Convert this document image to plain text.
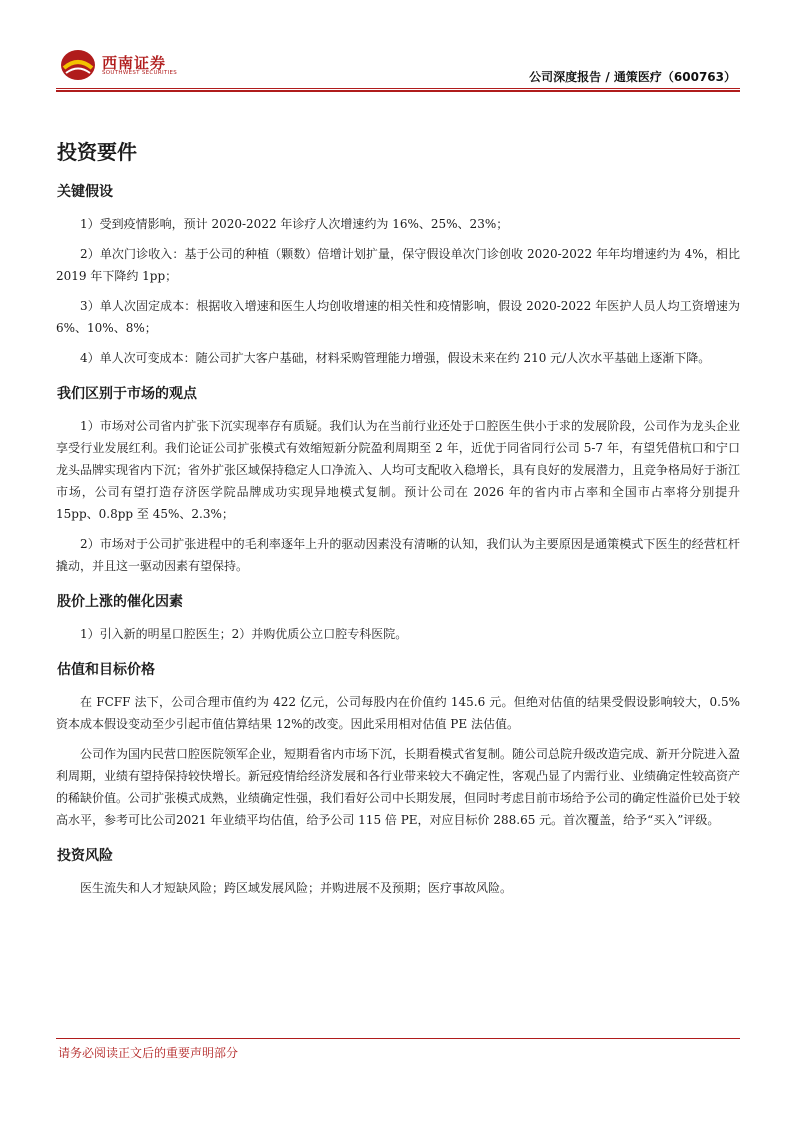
西南证券
SOUTHWEST SECURITIES	公司深度报告 / 通策医疗（600763）
投资要件
关键假设

1）受到疫情影响，预计 2020-2022 年诊疗人次增速约为 16%、25%、23%；

2）单次门诊收入：基于公司的种植（颗数）倍增计划扩量，保守假设单次门诊创收 2020-2022 年年均增速约为 4%，相比 2019 年下降约 1pp；

3）单人次固定成本：根据收入增速和医生人均创收增速的相关性和疫情影响，假设 2020-2022 年医护人员人均工资增速为 6%、10%、8%；

4）单人次可变成本：随公司扩大客户基础，材料采购管理能力增强，假设未来在约 210 元/人次水平基础上逐渐下降。

我们区别于市场的观点

1）市场对公司省内扩张下沉实现率存有质疑。我们认为在当前行业还处于口腔医生供小于求的发展阶段，公司作为龙头企业享受行业发展红利。我们论证公司扩张模式有效缩短新分院盈利周期至 2 年，近优于同省同行公司 5-7 年，有望凭借杭口和宁口龙头品牌实现省内下沉；省外扩张区域保持稳定人口净流入、人均可支配收入稳增长，具有良好的发展潜力，且竞争格局好于浙江市场，公司有望打造存济医学院品牌成功实现异地模式复制。预计公司在 2026 年的省内市占率和全国市占率将分别提升 15pp、0.8pp 至 45%、2.3%；

2）市场对于公司扩张进程中的毛利率逐年上升的驱动因素没有清晰的认知，我们认为主要原因是通策模式下医生的经营杠杆撬动，并且这一驱动因素有望保持。

股价上涨的催化因素

1）引入新的明星口腔医生；2）并购优质公立口腔专科医院。

估值和目标价格

在 FCFF 法下，公司合理市值约为 422 亿元，公司每股内在价值约 145.6 元。但绝对估值的结果受假设影响较大，0.5%资本成本假设变动至少引起市值估算结果 12%的改变。因此采用相对估值 PE 法估值。

公司作为国内民营口腔医院领军企业，短期看省内市场下沉，长期看模式省复制。随公司总院升级改造完成、新开分院进入盈利周期，业绩有望持保持较快增长。新冠疫情给经济发展和各行业带来较大不确定性，客观凸显了内需行业、业绩确定性较高资产的稀缺价值。公司扩张模式成熟，业绩确定性强，我们看好公司中长期发展，但同时考虑目前市场给予公司的确定性溢价已处于较高水平，参考可比公司2021 年业绩平均估值，给予公司 115 倍 PE，对应目标价 288.65 元。首次覆盖，给予“买入”评级。

投资风险

医生流失和人才短缺风险；跨区域发展风险；并购进展不及预期；医疗事故风险。

请务必阅读正文后的重要声明部分
